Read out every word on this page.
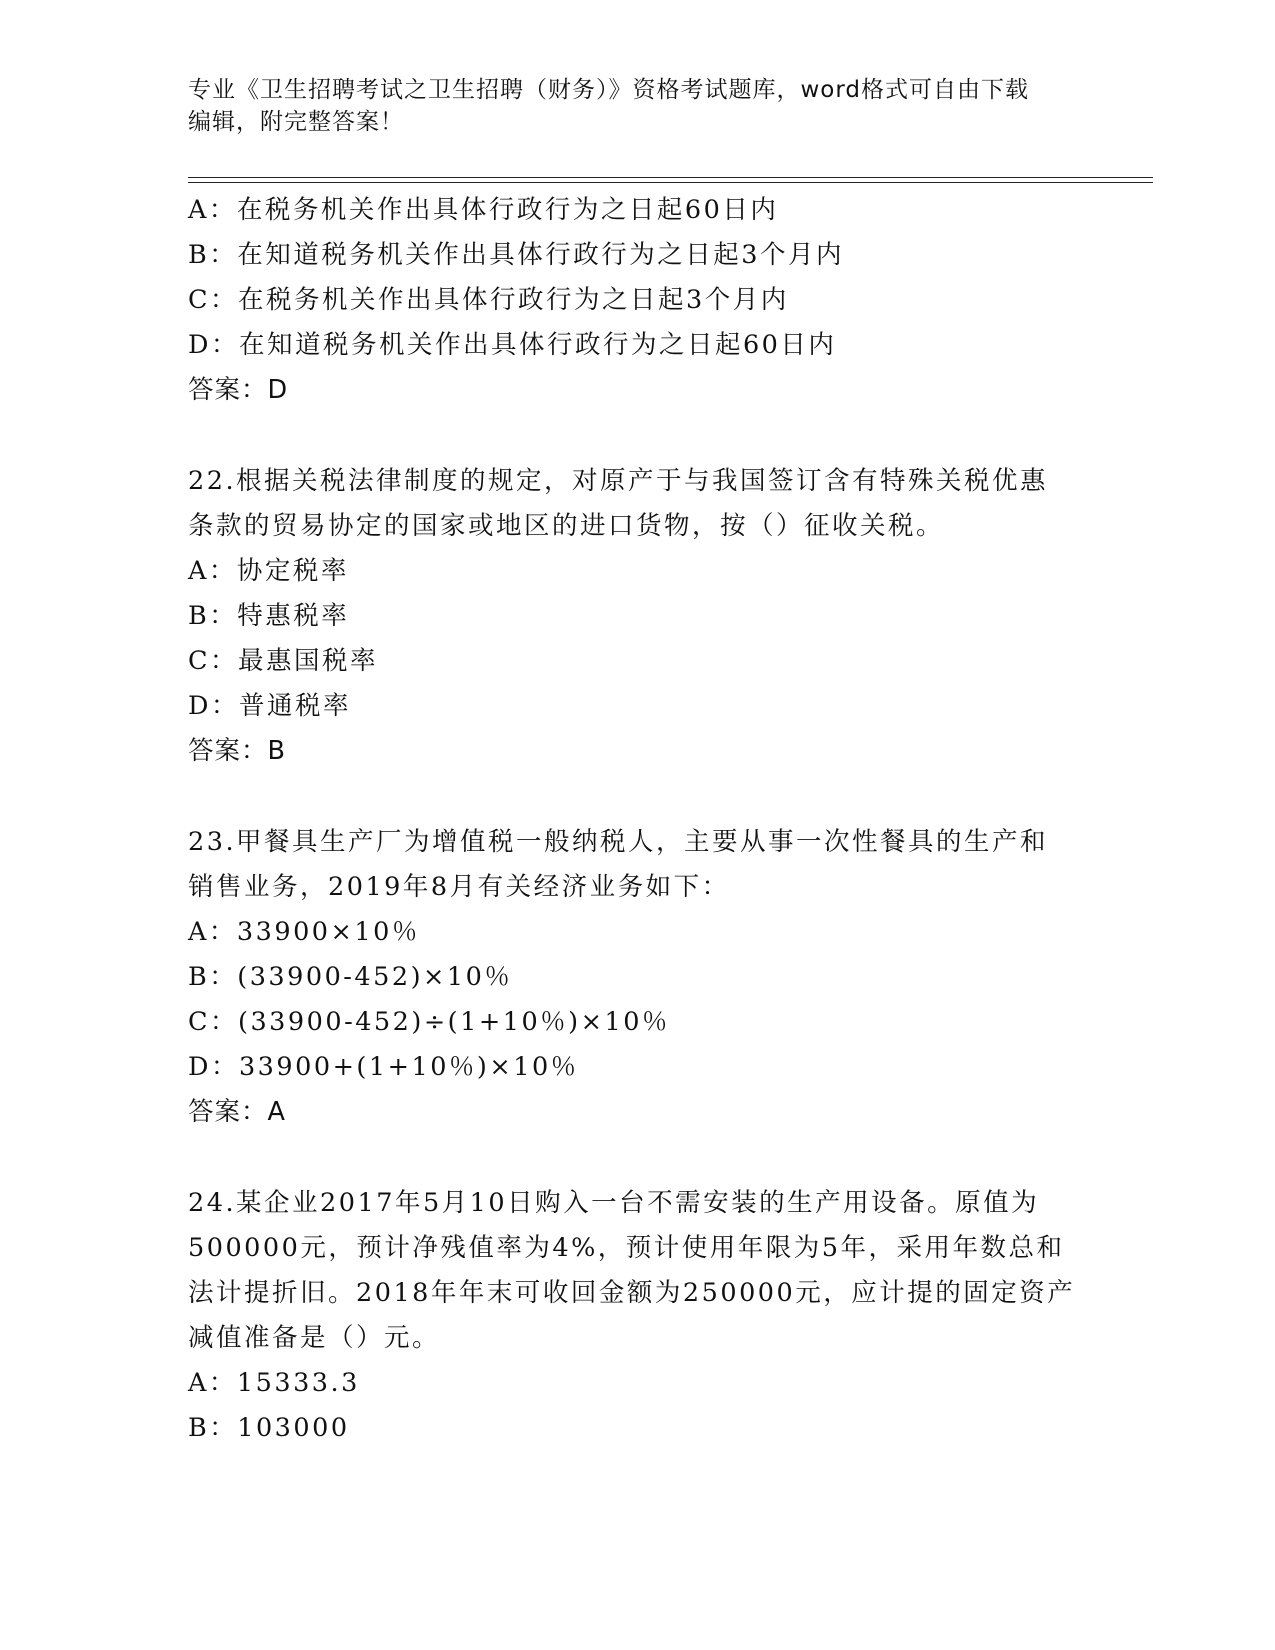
专业《卫生招聘考试之卫生招聘（财务）》资格考试题库，word格式可自由下载
编辑，附完整答案！
A：在税务机关作出具体行政行为之日起60日内
B：在知道税务机关作出具体行政行为之日起3个月内
C：在税务机关作出具体行政行为之日起3个月内
D：在知道税务机关作出具体行政行为之日起60日内
答案：D
22.根据关税法律制度的规定，对原产于与我国签订含有特殊关税优惠
条款的贸易协定的国家或地区的进口货物，按（）征收关税。
A：协定税率
B：特惠税率
C：最惠国税率
D：普通税率
答案：B
23.甲餐具生产厂为增值税一般纳税人，主要从事一次性餐具的生产和
销售业务，2019年8月有关经济业务如下：
A：33900×10％
B：(33900-452)×10％
C：(33900-452)÷(1+10％)×10％
D：33900+(1+10％)×10％
答案：A
24.某企业2017年5月10日购入一台不需安装的生产用设备。原值为
500000元，预计净残值率为4%，预计使用年限为5年，采用年数总和
法计提折旧。2018年年末可收回金额为250000元，应计提的固定资产
减值准备是（）元。
A：15333.3
B：103000
